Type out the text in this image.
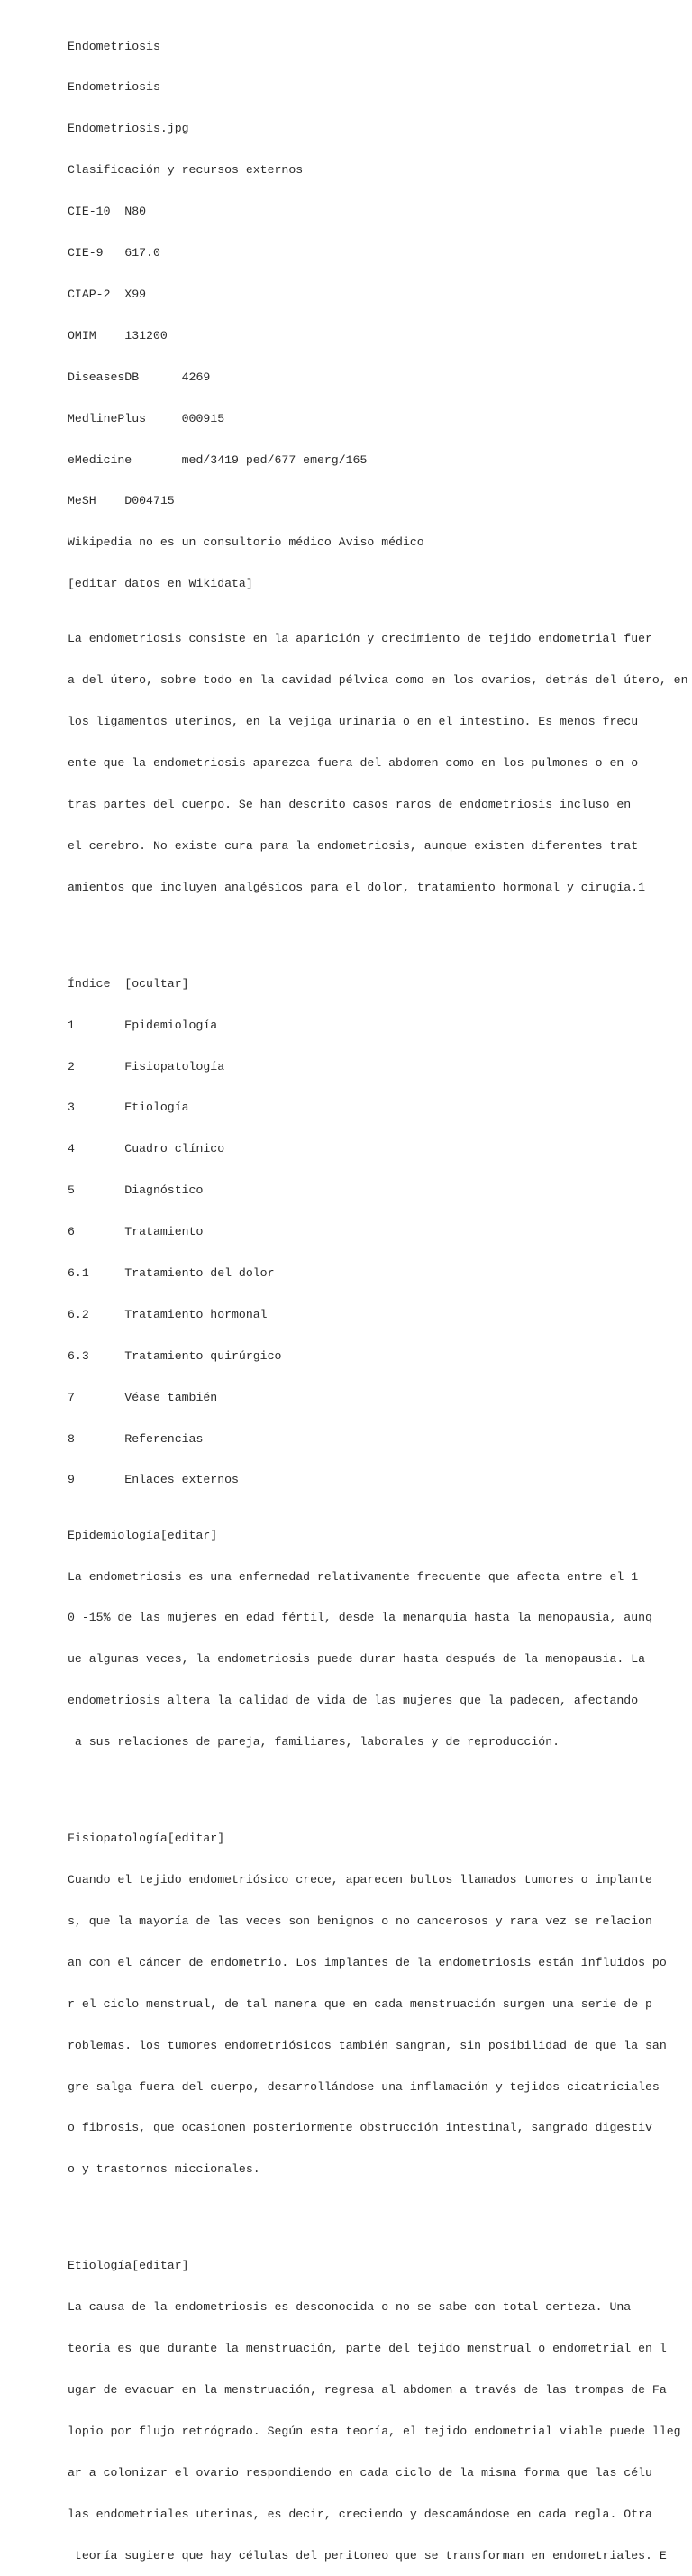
Endometriosis

Endometriosis

Endometriosis.jpg

Clasificación y recursos externos

CIE-10  N80

CIE-9   617.0

CIAP-2  X99

OMIM    131200

DiseasesDB      4269

MedlinePlus     000915

eMedicine       med/3419 ped/677 emerg/165

MeSH    D004715

Wikipedia no es un consultorio médico Aviso médico

[editar datos en Wikidata]

La endometriosis consiste en la aparición y crecimiento de tejido endometrial fuer

a del útero, sobre todo en la cavidad pélvica como en los ovarios, detrás del útero, en

los ligamentos uterinos, en la vejiga urinaria o en el intestino. Es menos frecu

ente que la endometriosis aparezca fuera del abdomen como en los pulmones o en o

tras partes del cuerpo. Se han descrito casos raros de endometriosis incluso en

el cerebro. No existe cura para la endometriosis, aunque existen diferentes trat

amientos que incluyen analgésicos para el dolor, tratamiento hormonal y cirugía.1

Índice  [ocultar]

1       Epidemiología

2       Fisiopatología

3       Etiología

4       Cuadro clínico

5       Diagnóstico

6       Tratamiento

6.1     Tratamiento del dolor

6.2     Tratamiento hormonal

6.3     Tratamiento quirúrgico

7       Véase también

8       Referencias

9       Enlaces externos

Epidemiología[editar]

La endometriosis es una enfermedad relativamente frecuente que afecta entre el 1

0 -15% de las mujeres en edad fértil, desde la menarquia hasta la menopausia, aunq

ue algunas veces, la endometriosis puede durar hasta después de la menopausia. La

endometriosis altera la calidad de vida de las mujeres que la padecen, afectando

a sus relaciones de pareja, familiares, laborales y de reproducción.

Fisiopatología[editar]

Cuando el tejido endometriósico crece, aparecen bultos llamados tumores o implante

s, que la mayoría de las veces son benignos o no cancerosos y rara vez se relacion

an con el cáncer de endometrio. Los implantes de la endometriosis están influidos po

r el ciclo menstrual, de tal manera que en cada menstruación surgen una serie de p

roblemas. los tumores endometriósicos también sangran, sin posibilidad de que la san

gre salga fuera del cuerpo, desarrollándose una inflamación y tejidos cicatriciales

o fibrosis, que ocasionen posteriormente obstrucción intestinal, sangrado digestiv

o y trastornos miccionales.

Etiología[editar]

La causa de la endometriosis es desconocida o no se sabe con total certeza. Una

teoría es que durante la menstruación, parte del tejido menstrual o endometrial en l

ugar de evacuar en la menstruación, regresa al abdomen a través de las trompas de Fa

lopio por flujo retrógrado. Según esta teoría, el tejido endometrial viable puede lleg

ar a colonizar el ovario respondiendo en cada ciclo de la misma forma que las célu

las endometriales uterinas, es decir, creciendo y descamándose en cada regla. Otra

teoría sugiere que hay células del peritoneo que se transforman en endometriales. E
